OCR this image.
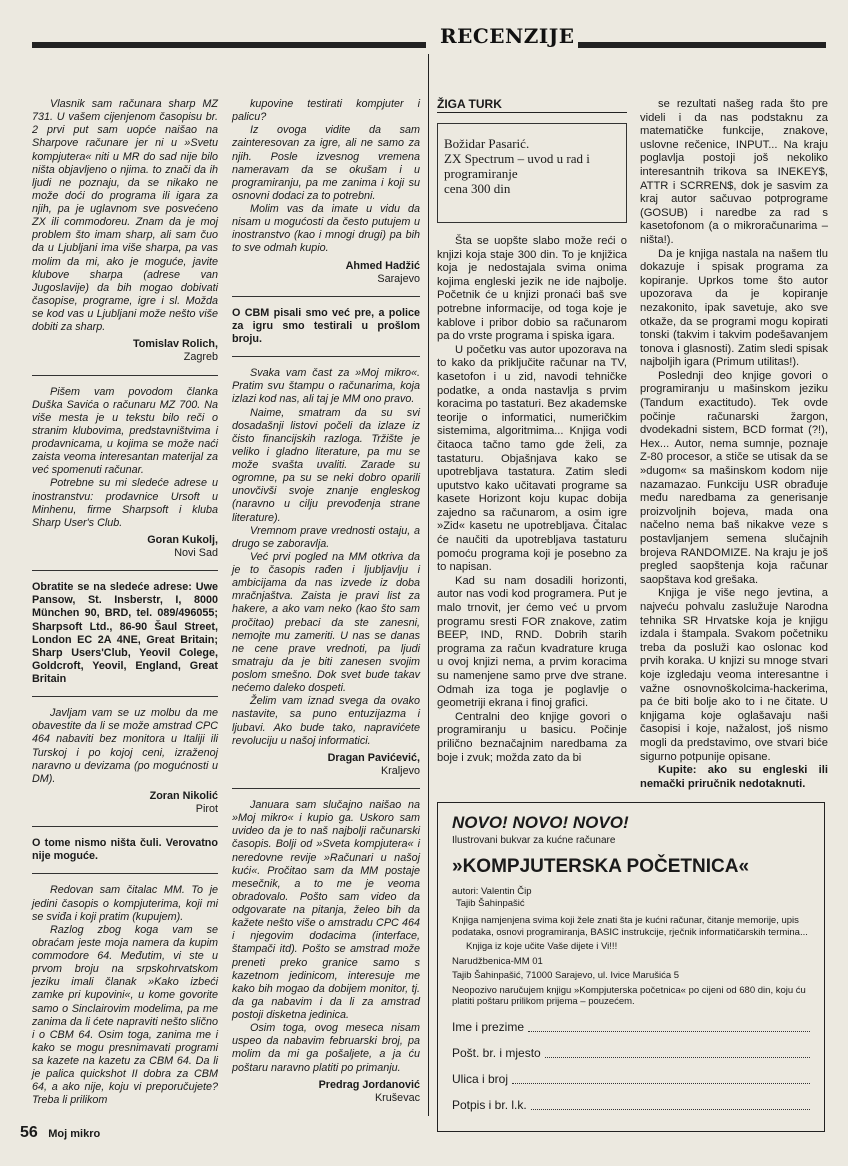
RECENZIJE

Vlasnik sam računara sharp MZ 731. U vašem cijenjenom časopisu br. 2 prvi put sam uopće naišao na Sharpove računare jer ni u »Svetu kompjutera« niti u MR do sad nije bilo ništa objavljeno o njima. to znači da ih ljudi ne poznaju, da se nikako ne može doći do programa ili igara za njih, pa je uglavnom sve posvećeno ZX ili commodoreu. Znam da je moj problem što imam sharp, ali sam čuo da u Ljubljani ima više sharpa, pa vas molim da mi, ako je moguće, javite klubove sharpa (adrese van Jugoslavije) da bih mogao dobivati časopise, programe, igre i sl. Možda se kod vas u Ljubljani može nešto više dobiti za sharp.

Tomislav Rolich,
Zagreb

Pišem vam povodom članka Duška Savića o računaru MZ 700. Na više mesta je u tekstu bilo reči o stranim klubovima, predstavništvima i prodavnicama, u kojima se može naći zaista veoma interesantan materijal za već spomenuti računar.

Potrebne su mi sledeće adrese u inostranstvu: prodavnice Ursoft u Minhenu, firme Sharpsoft i kluba Sharp User's Club.

Goran Kukolj,
Novi Sad

Obratite se na sledeće adrese: Uwe Pansow, St. Insberstr, I, 8000 München 90, BRD, tel. 089/496055; Sharpsoft Ltd., 86-90 Šaul Street, London EC 2A 4NE, Great Britain; Sharp Users'Club, Yeovil Colege, Goldcroft, Yeovil, England, Great Britain

Javljam vam se uz molbu da me obavestite da li se može amstrad CPC 464 nabaviti bez monitora u Italiji ili Turskoj i po kojoj ceni, izraženoj naravno u devizama (po mogućnosti u DM).

Zoran Nikolić
Pirot

O tome nismo ništa čuli. Verovatno nije moguće.

Redovan sam čitalac MM. To je jedini časopis o kompjuterima, koji mi se sviđa i koji pratim (kupujem).

Razlog zbog koga vam se obraćam jeste moja namera da kupim commodore 64. Međutim, vi ste u prvom broju na srpskohrvatskom jeziku imali članak »Kako izbeći zamke pri kupovini«, u kome govorite samo o Sinclairovim modelima, pa me zanima da li ćete napraviti nešto slično i o CBM 64. Osim toga, zanima me i kako se mogu presnimavati programi sa kazete na kazetu za CBM 64. Da li je palica quickshot II dobra za CBM 64, a ako nije, koju vi preporučujete? Treba li prilikom

kupovine testirati kompjuter i palicu?

Iz ovoga vidite da sam zainteresovan za igre, ali ne samo za njih. Posle izvesnog vremena nameravam da se okušam i u programiranju, pa me zanima i koji su osnovni dodaci za to potrebni.

Molim vas da imate u vidu da nisam u mogućosti da često putujem u inostranstvo (kao i mnogi drugi) pa bih to sve odmah kupio.

Ahmed Hadžić
Sarajevo

O CBM pisali smo već pre, a police za igru smo testirali u prošlom broju.

Svaka vam čast za »Moj mikro«. Pratim svu štampu o računarima, koja izlazi kod nas, ali taj je MM ono pravo.

Naime, smatram da su svi dosadašnji listovi počeli da izlaze iz čisto financijskih razloga. Tržište je veliko i gladno literature, pa mu se može svašta uvaliti. Zarade su ogromne, pa su se neki dobro oparili unovčivši svoje znanje engleskog (naravno u cilju prevođenja strane literature).

Vremnom prave vrednosti ostaju, a drugo se zaboravlja.

Već prvi pogled na MM otkriva da je to časopis rađen i ljubljavlju i ambicijama da nas izvede iz doba mračnjaštva. Zaista je pravi list za hakere, a ako vam neko (kao što sam pročitao) prebaci da ste zanesni, nemojte mu zameriti. U nas se danas ne cene prave vrednoti, pa ljudi smatraju da je biti zanesen svojim poslom smešno. Dok svet bude takav nećemo daleko dospeti.

Želim vam iznad svega da ovako nastavite, sa puno entuzijazma i ljubavi. Ako bude tako, napravićete revoluciju u našoj informatici.

Dragan Pavićević,
Kraljevo

Januara sam slučajno naišao na »Moj mikro« i kupio ga. Uskoro sam uvideo da je to naš najbolji računarski časopis. Bolji od »Sveta kompjutera« i neredovne revije »Računari u našoj kući«. Pročitao sam da MM postaje mesečnik, a to me je veoma obradovalo. Pošto sam video da odgovarate na pitanja, želeo bih da kažete nešto više o amstradu CPC 464 i njegovim dodacima (interface, štampači itd). Pošto se amstrad može preneti preko granice samo s kazetnom jedinicom, interesuje me kako bih mogao da dobijem monitor, tj. da ga nabavim i da li za amstrad postoji disketna jedinica.

Osim toga, ovog meseca nisam uspeo da nabavim februarski broj, pa molim da mi ga pošaljete, a ja ću poštaru naravno platiti po primanju.

Predrag Jordanović
Kruševac
ŽIGA TURK
Božidar Pasarić.
ZX Spectrum – uvod u rad i programiranje
cena 300 din

Šta se uopšte slabo može reći o knjizi koja staje 300 din. To je knjižica koja je nedostajala svima onima kojima engleski jezik ne ide najbolje. Početnik će u knjizi pronaći baš sve potrebne informacije, od toga koje je kablove i pribor dobio sa računarom pa do vrste programa i spiska igara.

U početku vas autor upozorava na to kako da priključite računar na TV, kasetofon i u zid, navodi tehničke podatke, a onda nastavlja s prvim koracima po tastaturi. Bez akademske teorije o informatici, numeričkim sistemima, algoritmima... Knjiga vodi čitaoca tačno tamo gde želi, za tastaturu. Objašnjava kako se upotrebljava tastatura. Zatim sledi uputstvo kako učitavati programe sa kasete Horizont koju kupac dobija zajedno sa računarom, a osim igre »Zid« kasetu ne upotrebljava. Čitalac će naučiti da upotrebljava tastaturu pomoću programa koji je posebno za to napisan.

Kad su nam dosadili horizonti, autor nas vodi kod programera. Put je malo trnovit, jer ćemo već u prvom programu sresti FOR znakove, zatim BEEP, IND, RND. Dobrih starih programa za račun kvadrature kruga u ovoj knjizi nema, a prvim koracima su namenjene samo prve dve strane. Odmah iza toga je poglavlje o geometriji ekrana i finoj grafici.

Centralni deo knjige govori o programiranju u basicu. Počinje prilično beznačajnim naredbama za boje i zvuk; možda zato da bi

se rezultati našeg rada što pre videli i da nas podstaknu za matematičke funkcije, znakove, uslovne rečenice, INPUT... Na kraju poglavlja postoji još nekoliko interesantnih trikova sa INEKEY$, ATTR i SCRREN$, dok je sasvim za kraj autor sačuvao potprograme (GOSUB) i naredbe za rad s kasetofonom (a o mikroračunarima – ništa!).

Da je knjiga nastala na našem tlu dokazuje i spisak programa za kopiranje. Uprkos tome što autor upozorava da je kopiranje nezakonito, ipak savetuje, ako sve otkaže, da se programi mogu kopirati tonski (takvim i takvim podešavanjem tonova i glasnosti). Zatim sledi spisak najboljih igara (Primum utilitas!).

Poslednji deo knjige govori o programiranju u mašinskom jeziku (Tandum exactitudo). Tek ovde počinje računarski žargon, dvodekadni sistem, BCD format (?!), Hex... Autor, nema sumnje, poznaje Z-80 procesor, a stiče se utisak da se »dugom« sa mašinskom kodom nije nazamazao. Funkciju USR obrađuje među naredbama za generisanje proizvoljnih bojeva, mada ona načelno nema baš nikakve veze s postavljanjem semena slučajnih brojeva RANDOMIZE. Na kraju je još pregled saopštenja koja računar saopštava kod grešaka.

Knjiga je više nego jevtina, a najveću pohvalu zaslužuje Narodna tehnika SR Hrvatske koja je knjigu izdala i štampala. Svakom početniku treba da posluži kao oslonac kod prvih koraka. U knjizi su mnoge stvari koje izgledaju veoma interesantne i važne osnovnoškolcima-hackerima, pa će biti bolje ako to i ne čitate. U knjigama koje oglašavaju naši časopisi i koje, nažalost, još nismo mogli da predstavimo, ove stvari biće sigurno potpunije opisane.

Kupite: ako su engleski ili nemački priručnik nedotaknuti.

NOVO! NOVO! NOVO!
Ilustrovani bukvar za kućne računare
»KOMPJUTERSKA POČETNICA«
autori: Valentin Čip
Tajib Šahinpašić
Knjiga namjenjena svima koji žele znati šta je kućni računar, čitanje memorije, upis podataka, osnovi programiranja, BASIC instrukcije, rječnik informatičarskih termina...
Knjiga iz koje učite Vaše dijete i Vi!!!
Narudžbenica-MM 01
Tajib Šahinpašić, 71000 Sarajevo, ul. Ivice Marušića 5
Neopozivo naručujem knjigu »Kompjuterska početnica« po cijeni od 680 din, koju ću platiti poštaru prilikom prijema – pouzećem.
Ime i prezime
Pošt. br. i mjesto
Ulica i broj
Potpis i br. l.k.
56 Moj mikro
